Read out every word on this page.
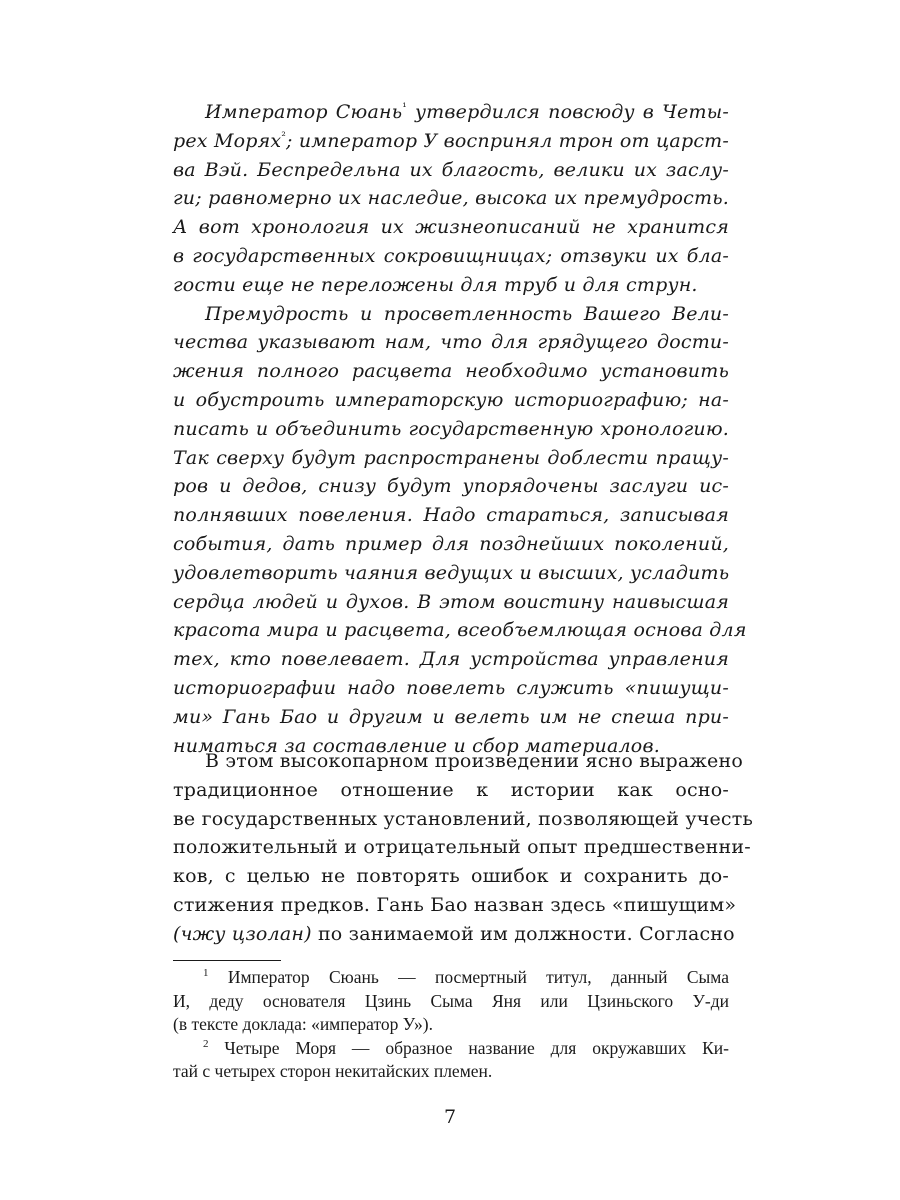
Император Сюань$^{^1}$ утвердился повсюду в Четы-
рех Морях$^{^2}$; император У воспринял трон от царст-
ва Вэй. Беспредельна их благость, велики их заслу-
ги; равномерно их наследие, высока их премудрость.
А вот хронология их жизнеописаний не хранится
в государственных сокровищницах; отзвуки их бла-
гости еще не переложены для труб и для струн.
Премудрость и просветленность Вашего Вели-
чества указывают нам, что для грядущего дости-
жения полного расцвета необходимо установить
и обустроить императорскую историографию; на-
писать и объединить государственную хронологию.
Так сверху будут распространены доблести пращу-
ров и дедов, снизу будут упорядочены заслуги ис-
полнявших повеления. Надо стараться, записывая
события, дать пример для позднейших поколений,
удовлетворить чаяния ведущих и высших, усладить
сердца людей и духов. В этом воистину наивысшая
красота мира и расцвета, всеобъемлющая основа для
тех, кто повелевает. Для устройства управления
историографии надо повелеть служить «пишущи-
ми» Гань Бао и другим и велеть им не спеша при-
ниматься за составление и сбор материалов.
В этом высокопарном произведении ясно выражено
традиционное отношение к истории как осно-
ве государственных установлений, позволяющей учесть
положительный и отрицательный опыт предшественни-
ков, с целью не повторять ошибок и сохранить до-
стижения предков. Гань Бао назван здесь «пишущим»
(чжу цзолан) по занимаемой им должности. Согласно
$^1$ Император Сюань — посмертный титул, данный Сыма
И, деду основателя Цзинь Сыма Яня или Цзиньского У-ди
(в тексте доклада: «император У»).
$^2$ Четыре Моря — образное название для окружавших Ки-
тай с четырех сторон некитайских племен.
7
